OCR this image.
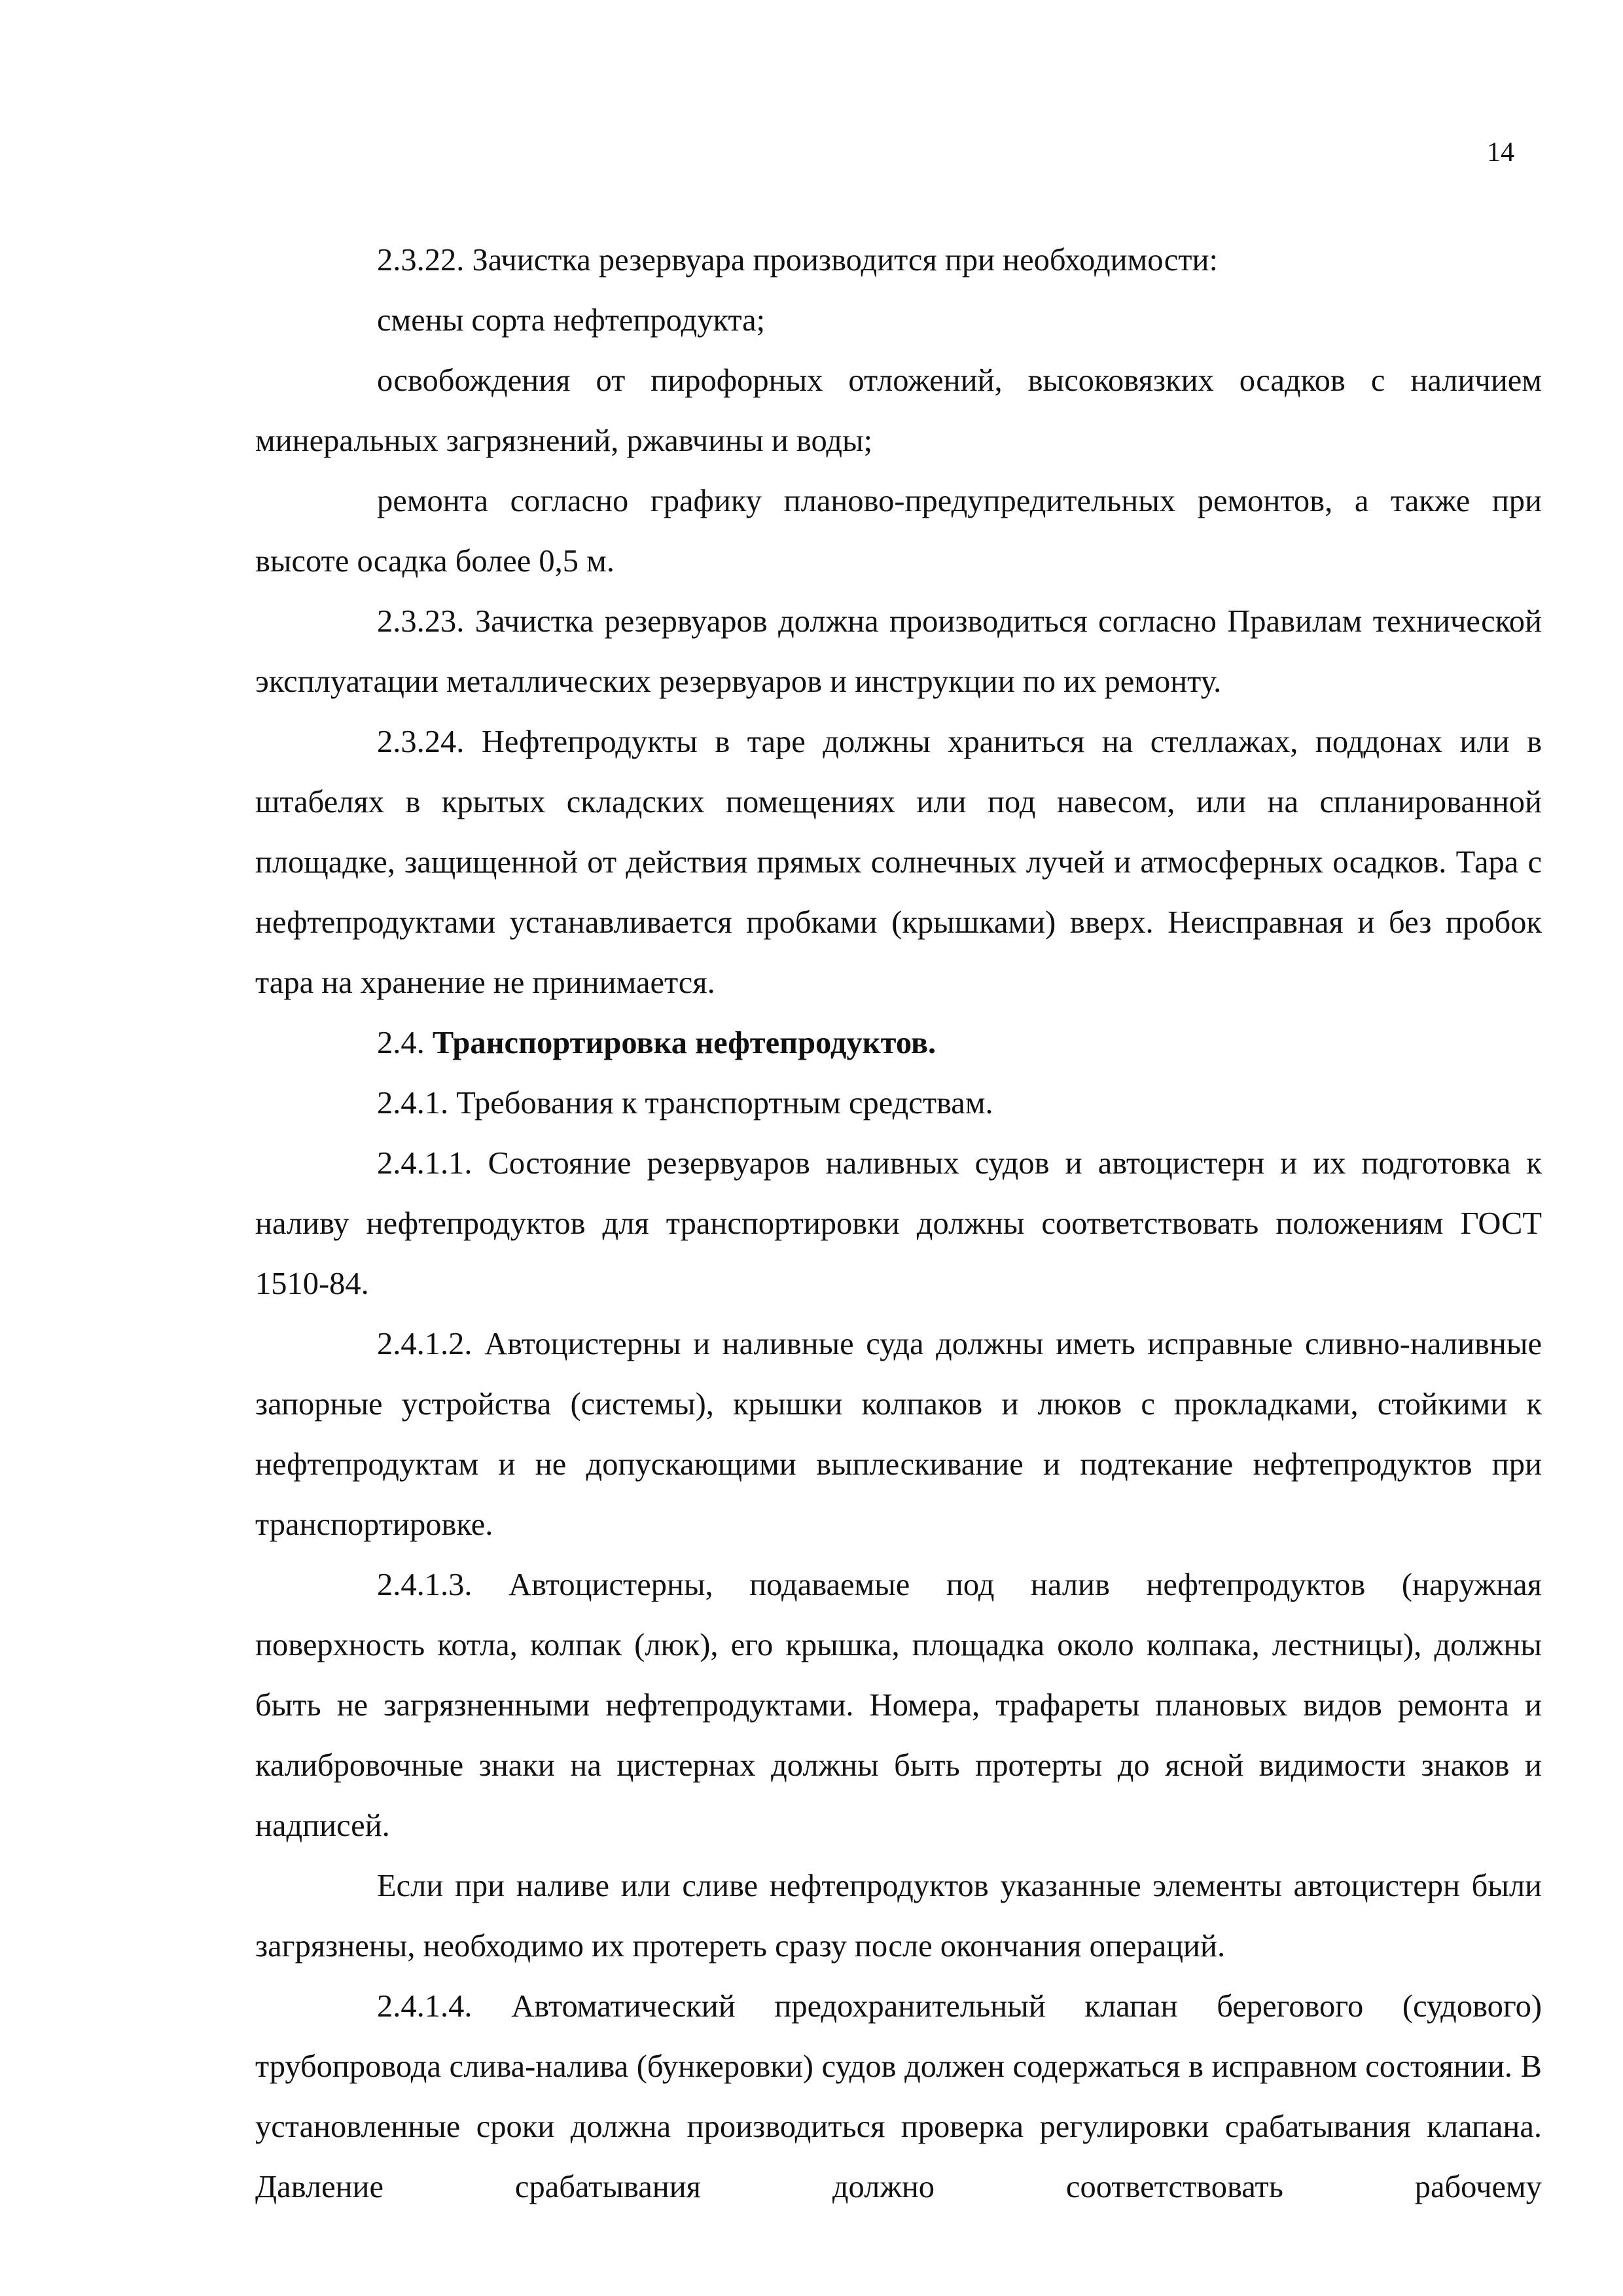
14

2.3.22. Зачистка резервуара производится при необходимости:

смены сорта нефтепродукта;

освобождения от пирофорных отложений, высоковязких осадков с наличием минеральных загрязнений, ржавчины и воды;

ремонта согласно графику планово-предупредительных ремонтов, а также при высоте осадка более 0,5 м.

2.3.23. Зачистка резервуаров должна производиться согласно Правилам технической эксплуатации металлических резервуаров и инструкции по их ремонту.

2.3.24. Нефтепродукты в таре должны храниться на стеллажах, поддонах или в штабелях в крытых складских помещениях или под навесом, или на спланированной площадке, защищенной от действия прямых солнечных лучей и атмосферных осадков. Тара с нефтепродуктами устанавливается пробками (крышками) вверх. Неисправная и без пробок тара на хранение не принимается.

2.4. Транспортировка нефтепродуктов.

2.4.1. Требования к транспортным средствам.

2.4.1.1. Состояние резервуаров наливных судов и автоцистерн и их подготовка к наливу нефтепродуктов для транспортировки должны соответствовать положениям ГОСТ 1510-84.

2.4.1.2. Автоцистерны и наливные суда должны иметь исправные сливно-наливные запорные устройства (системы), крышки колпаков и люков с прокладками, стойкими к нефтепродуктам и не допускающими выплескивание и подтекание нефтепродуктов при транспортировке.

2.4.1.3. Автоцистерны, подаваемые под налив нефтепродуктов (наружная поверхность котла, колпак (люк), его крышка, площадка около колпака, лестницы), должны быть не загрязненными нефтепродуктами. Номера, трафареты плановых видов ремонта и калибровочные знаки на цистернах должны быть протерты до ясной видимости знаков и надписей.

Если при наливе или сливе нефтепродуктов указанные элементы автоцистерн были загрязнены, необходимо их протереть сразу после окончания операций.

2.4.1.4. Автоматический предохранительный клапан берегового (судового) трубопровода слива-налива (бункеровки) судов должен содержаться в исправном состоянии. В установленные сроки должна производиться проверка регулировки срабатывания клапана. Давление срабатывания должно соответствовать рабочему
